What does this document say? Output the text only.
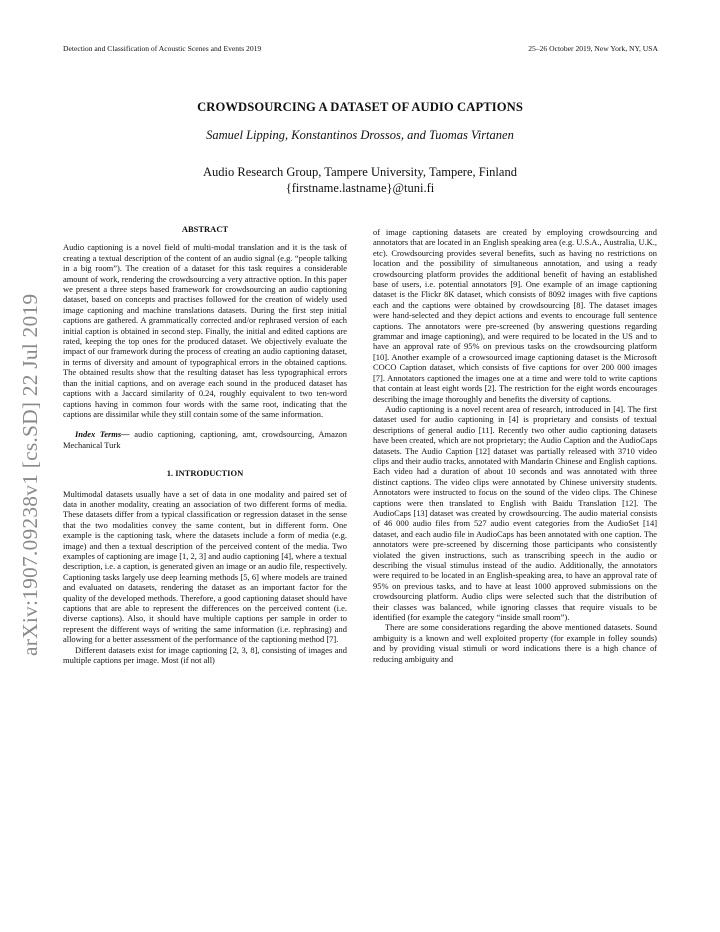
Detection and Classification of Acoustic Scenes and Events 2019	25–26 October 2019, New York, NY, USA
arXiv:1907.09238v1 [cs.SD] 22 Jul 2019
CROWDSOURCING A DATASET OF AUDIO CAPTIONS
Samuel Lipping, Konstantinos Drossos, and Tuomas Virtanen
Audio Research Group, Tampere University, Tampere, Finland
{firstname.lastname}@tuni.fi
ABSTRACT

Audio captioning is a novel field of multi-modal translation and it is the task of creating a textual description of the content of an audio signal (e.g. “people talking in a big room”). The creation of a dataset for this task requires a considerable amount of work, rendering the crowdsourcing a very attractive option. In this paper we present a three steps based framework for crowdsourcing an audio captioning dataset, based on concepts and practises followed for the creation of widely used image captioning and machine translations datasets. During the first step initial captions are gathered. A grammatically corrected and/or rephrased version of each initial caption is obtained in second step. Finally, the initial and edited captions are rated, keeping the top ones for the produced dataset. We objectively evaluate the impact of our framework during the process of creating an audio captioning dataset, in terms of diversity and amount of typographical errors in the obtained captions. The obtained results show that the resulting dataset has less typographical errors than the initial captions, and on average each sound in the produced dataset has captions with a Jaccard similarity of 0.24, roughly equivalent to two ten-word captions having in common four words with the same root, indicating that the captions are dissimilar while they still contain some of the same information.

Index Terms— audio captioning, captioning, amt, crowdsourcing, Amazon Mechanical Turk

1. INTRODUCTION

Multimodal datasets usually have a set of data in one modality and paired set of data in another modality, creating an association of two different forms of media. These datasets differ from a typical classification or regression dataset in the sense that the two modalities convey the same content, but in different form. One example is the captioning task, where the datasets include a form of media (e.g. image) and then a textual description of the perceived content of the media. Two examples of captioning are image [1, 2, 3] and audio captioning [4], where a textual description, i.e. a caption, is generated given an image or an audio file, respectively. Captioning tasks largely use deep learning methods [5, 6] where models are trained and evaluated on datasets, rendering the dataset as an important factor for the quality of the developed methods. Therefore, a good captioning dataset should have captions that are able to represent the differences on the perceived content (i.e. diverse captions). Also, it should have multiple captions per sample in order to represent the different ways of writing the same information (i.e. rephrasing) and allowing for a better assessment of the performance of the captioning method [7].

Different datasets exist for image captioning [2, 3, 8], consisting of images and multiple captions per image. Most (if not all)

of image captioning datasets are created by employing crowdsourcing and annotators that are located in an English speaking area (e.g. U.S.A., Australia, U.K., etc). Crowdsourcing provides several benefits, such as having no restrictions on location and the possibility of simultaneous annotation, and using a ready crowdsourcing platform provides the additional benefit of having an established base of users, i.e. potential annotators [9]. One example of an image captioning dataset is the Flickr 8K dataset, which consists of 8092 images with five captions each and the captions were obtained by crowdsourcing [8]. The dataset images were hand-selected and they depict actions and events to encourage full sentence captions. The annotators were pre-screened (by answering questions regarding grammar and image captioning), and were required to be located in the US and to have an approval rate of 95% on previous tasks on the crowdsourcing platform [10]. Another example of a crowsourced image captioning dataset is the Microsoft COCO Caption dataset, which consists of five captions for over 200 000 images [7]. Annotators captioned the images one at a time and were told to write captions that contain at least eight words [2]. The restriction for the eight words encourages describing the image thoroughly and benefits the diversity of captions.

Audio captioning is a novel recent area of research, introduced in [4]. The first dataset used for audio captioning in [4] is proprietary and consists of textual descriptions of general audio [11]. Recently two other audio captioning datasets have been created, which are not proprietary; the Audio Caption and the AudioCaps datasets. The Audio Caption [12] dataset was partially released with 3710 video clips and their audio tracks, annotated with Mandarin Chinese and English captions. Each video had a duration of about 10 seconds and was annotated with three distinct captions. The video clips were annotated by Chinese university students. Annotators were instructed to focus on the sound of the video clips. The Chinese captions were then translated to English with Baidu Translation [12]. The AudioCaps [13] dataset was created by crowdsourcing. The audio material consists of 46 000 audio files from 527 audio event categories from the AudioSet [14] dataset, and each audio file in AudioCaps has been annotated with one caption. The annotators were pre-screened by discerning those participants who consistently violated the given instructions, such as transcribing speech in the audio or describing the visual stimulus instead of the audio. Additionally, the annotators were required to be located in an English-speaking area, to have an approval rate of 95% on previous tasks, and to have at least 1000 approved submissions on the crowdsourcing platform. Audio clips were selected such that the distribution of their classes was balanced, while ignoring classes that require visuals to be identified (for example the category “inside small room”).

There are some considerations regarding the above mentioned datasets. Sound ambiguity is a known and well exploited property (for example in folley sounds) and by providing visual stimuli or word indications there is a high chance of reducing ambiguity and
